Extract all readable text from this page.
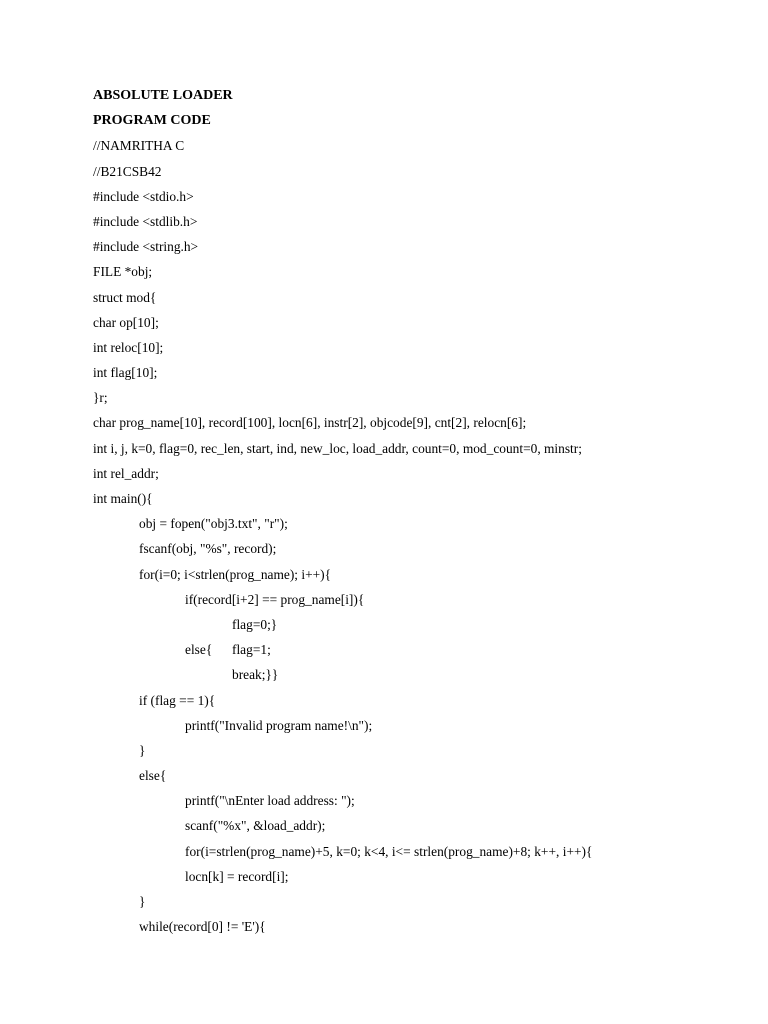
ABSOLUTE LOADER
PROGRAM CODE
//NAMRITHA C
//B21CSB42
#include <stdio.h>
#include <stdlib.h>
#include <string.h>
FILE *obj;
struct mod{
char op[10];
int reloc[10];
int flag[10];
}r;
char prog_name[10], record[100], locn[6], instr[2], objcode[9], cnt[2], relocn[6];
int i, j, k=0, flag=0, rec_len, start, ind, new_loc, load_addr, count=0, mod_count=0, minstr;
int rel_addr;
int main(){
obj = fopen("obj3.txt", "r");
fscanf(obj, "%s", record);
for(i=0; i<strlen(prog_name); i++){
if(record[i+2] == prog_name[i]){
flag=0;}
else{ flag=1;
break;}}
if (flag == 1){
printf("Invalid program name!\n");
}
else{
printf("\nEnter load address: ");
scanf("%x", &load_addr);
for(i=strlen(prog_name)+5, k=0; k<4, i<= strlen(prog_name)+8; k++, i++){
locn[k] = record[i];
}
while(record[0] != 'E'){
